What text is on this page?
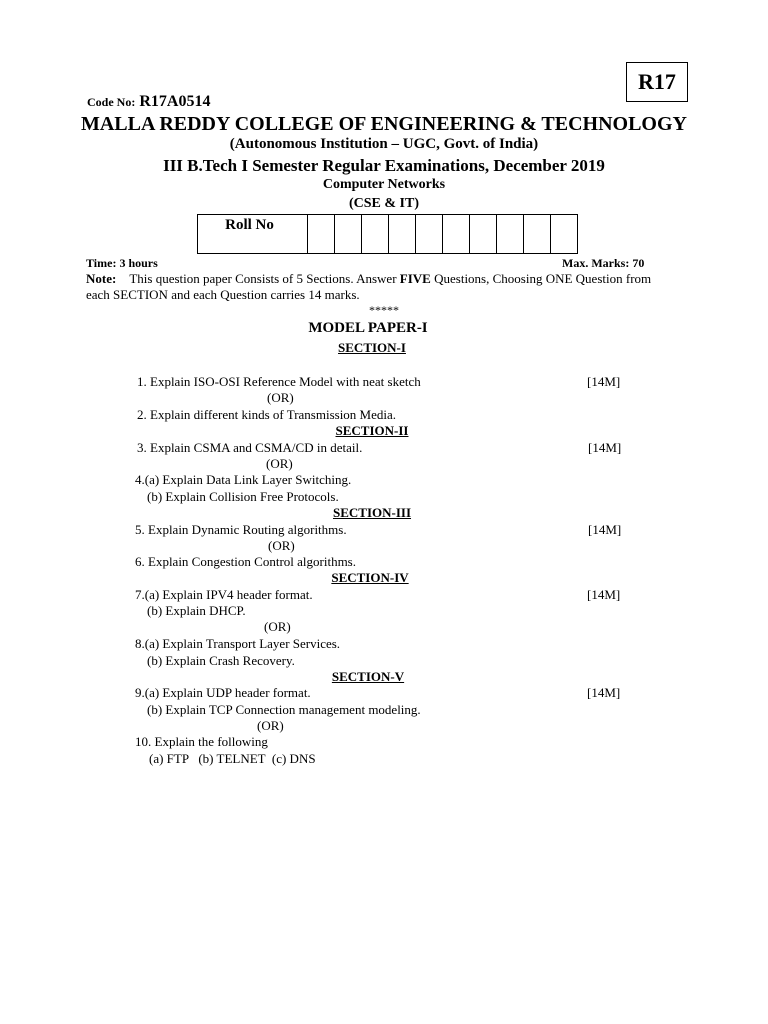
R17
Code No: R17A0514
MALLA REDDY COLLEGE OF ENGINEERING & TECHNOLOGY
(Autonomous Institution – UGC, Govt. of India)
III B.Tech I Semester Regular Examinations, December 2019
Computer Networks
(CSE & IT)
Roll No										
Time: 3 hours	Max. Marks: 70
Note: This question paper Consists of 5 Sections. Answer FIVE Questions, Choosing ONE Question from
each SECTION and each Question carries 14 marks.
*****
MODEL PAPER-I
SECTION-I
1. Explain ISO-OSI Reference Model with neat sketch	[14M]
(OR)
2. Explain different kinds of Transmission Media.
SECTION-II
3. Explain CSMA and CSMA/CD in detail.	[14M]
(OR)
4.(a) Explain Data Link Layer Switching.
(b) Explain Collision Free Protocols.
SECTION-III
5. Explain Dynamic Routing algorithms.	[14M]
(OR)
6. Explain Congestion Control algorithms.
SECTION-IV
7.(a) Explain IPV4 header format.	[14M]
(b) Explain DHCP.
(OR)
8.(a) Explain Transport Layer Services.
(b) Explain Crash Recovery.
SECTION-V
9.(a) Explain UDP header format.	[14M]
(b) Explain TCP Connection management modeling.
(OR)
10. Explain the following
(a) FTP   (b) TELNET  (c) DNS
